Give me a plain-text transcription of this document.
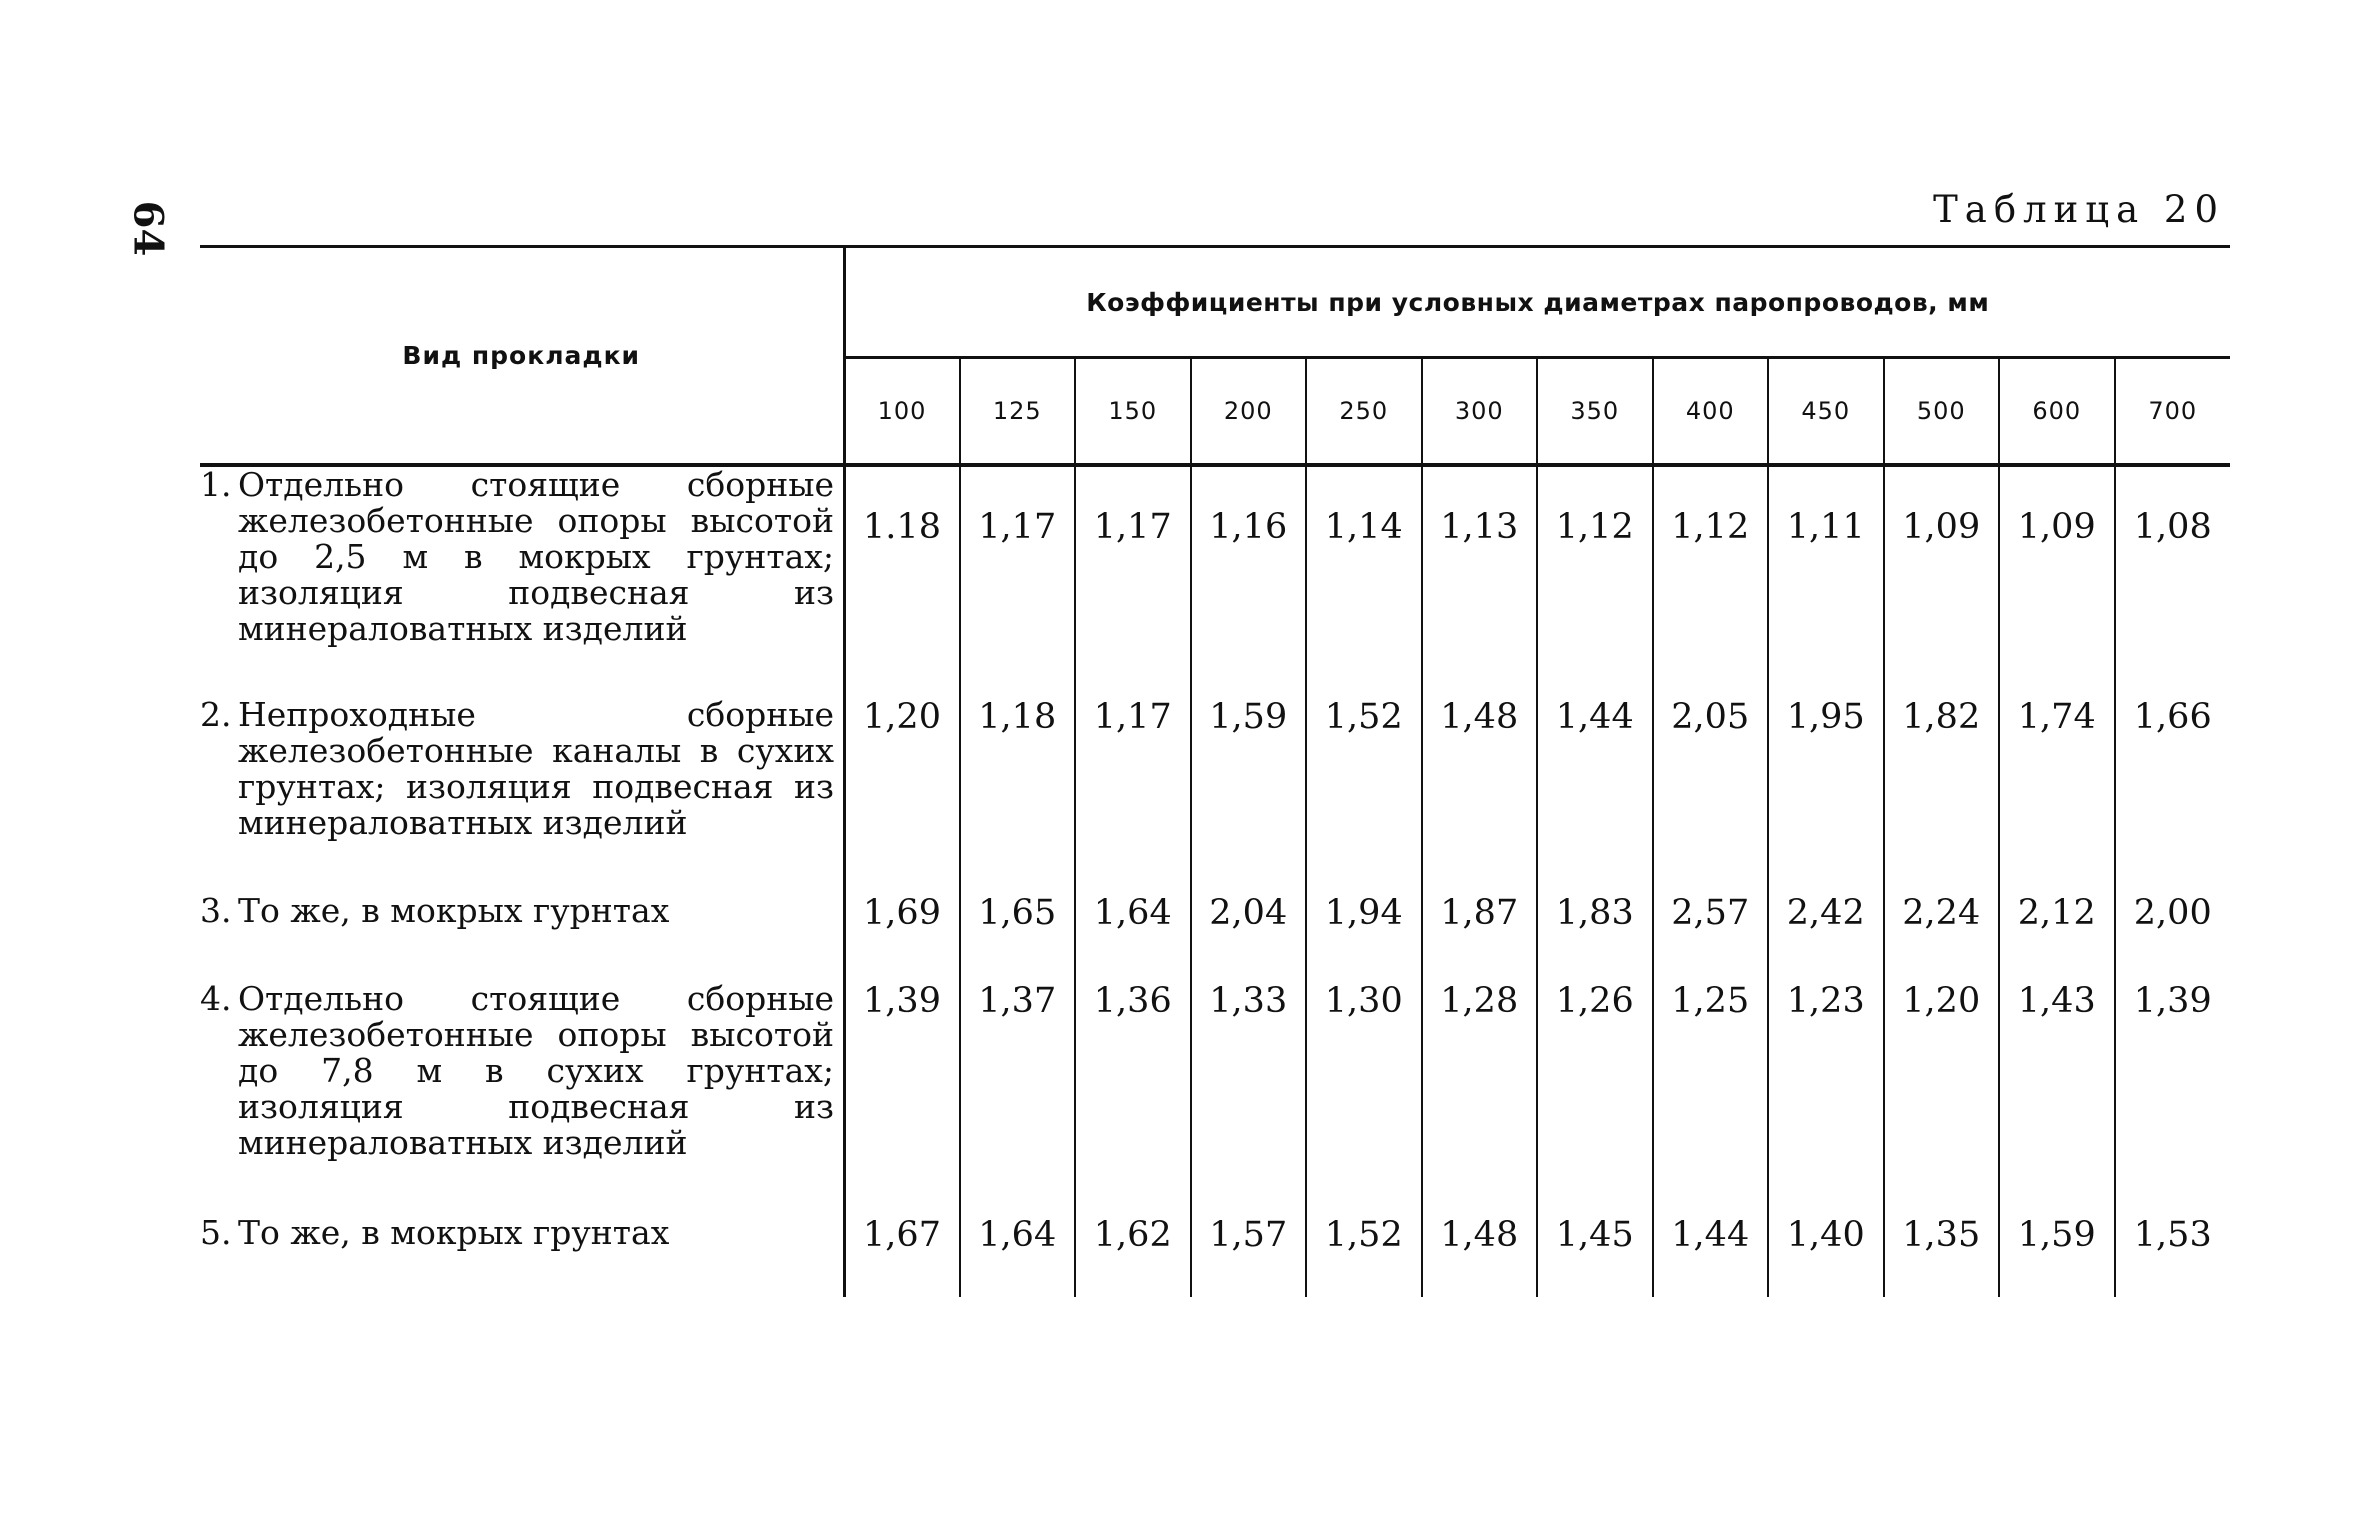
64	Таблица 20

Вид прокладки	Коэффициенты при условных диаметрах паропроводов, мм											
	100	125	150	200	250	300	350	400	450	500	600	700
1. Отдельно стоящие сборные железобетонные опоры высотой до 2,5 м в мокрых грунтах; изоляция подвесная из минераловатных изделий	1.18	1,17	1,17	1,16	1,14	1,13	1,12	1,12	1,11	1,09	1,09	1,08
2. Непроходные сборные железобетонные каналы в сухих грунтах; изоляция подвесная из минераловатных изделий	1,20	1,18	1,17	1,59	1,52	1,48	1,44	2,05	1,95	1,82	1,74	1,66
3. То же, в мокрых гурнтах	1,69	1,65	1,64	2,04	1,94	1,87	1,83	2,57	2,42	2,24	2,12	2,00
4. Отдельно стоящие сборные железобетонные опоры высотой до 7,8 м в сухих грунтах; изоляция подвесная из минераловатных изделий	1,39	1,37	1,36	1,33	1,30	1,28	1,26	1,25	1,23	1,20	1,43	1,39
5. То же, в мокрых грунтах	1,67	1,64	1,62	1,57	1,52	1,48	1,45	1,44	1,40	1,35	1,59	1,53
